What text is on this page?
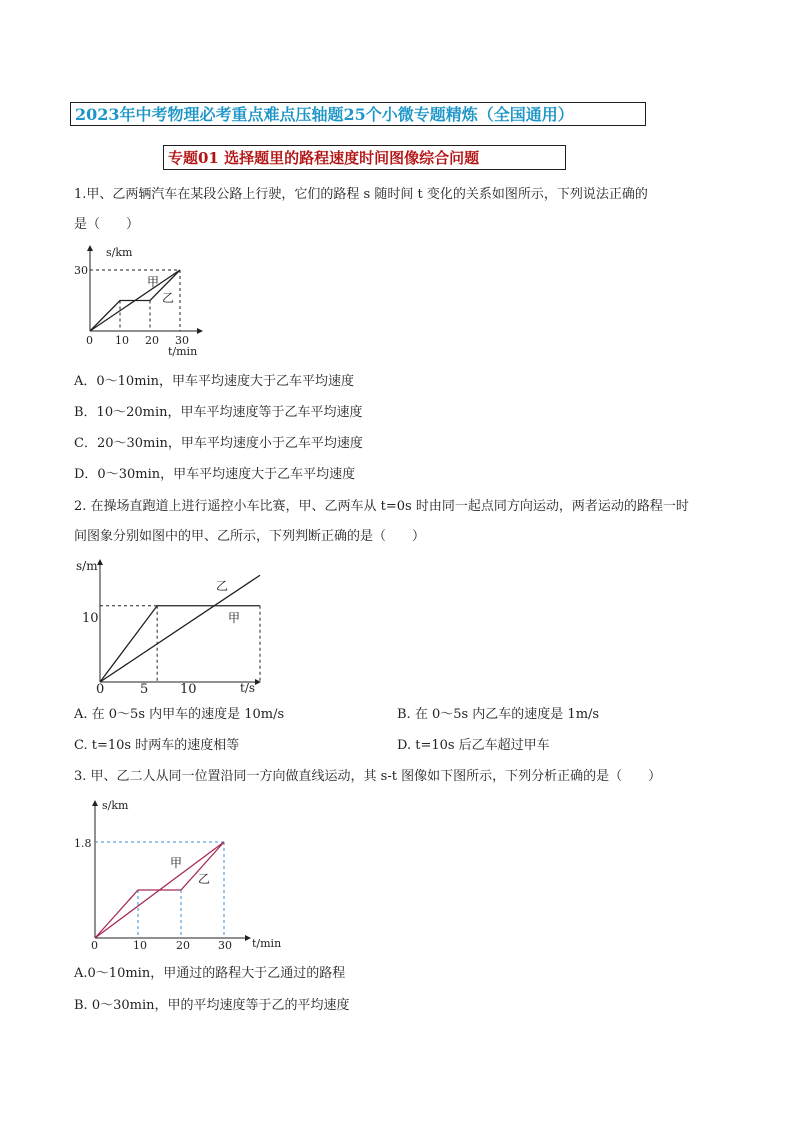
2023年中考物理必考重点难点压轴题25个小微专题精炼（全国通用）
专题01 选择题里的路程速度时间图像综合问题
1.甲、乙两辆汽车在某段公路上行驶，它们的路程 s 随时间 t 变化的关系如图所示，下列说法正确的
是（　　）
s/km
t/min
0 10 20 30
30
甲
乙
A．0～10min，甲车平均速度大于乙车平均速度
B．10～20min，甲车平均速度等于乙车平均速度
C．20～30min，甲车平均速度小于乙车平均速度
D．0～30min，甲车平均速度大于乙车平均速度
2. 在操场直跑道上进行遥控小车比赛，甲、乙两车从 t=0s 时由同一起点同方向运动，两者运动的路程一时
间图象分别如图中的甲、乙所示，下列判断正确的是（　　）
s/m
t/s
0	5 10
10	甲
乙
A. 在 0～5s 内甲车的速度是 10m/s	B. 在 0～5s 内乙车的速度是 1m/s
C. t=10s 时两车的速度相等	D. t=10s 后乙车超过甲车
3. 甲、乙二人从同一位置沿同一方向做直线运动，其 s-t 图像如下图所示，下列分析正确的是（　　）
s/km
t/min
0	10	20	30
1.8
甲
乙
A.0～10min，甲通过的路程大于乙通过的路程
B. 0～30min，甲的平均速度等于乙的平均速度
